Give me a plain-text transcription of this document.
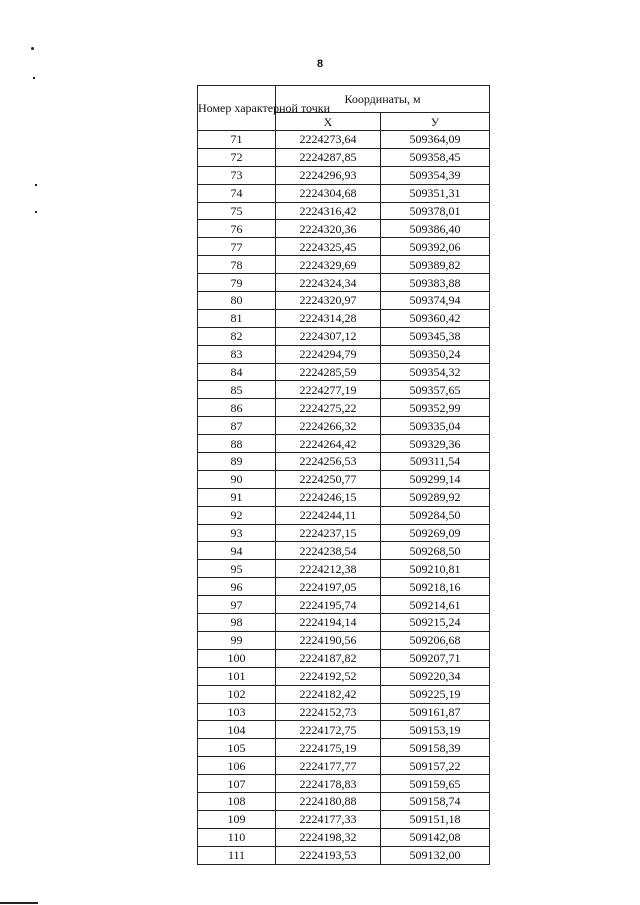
8
Номер характерной точки	Координаты, м	
	X	У
71	2224273,64	509364,09
72	2224287,85	509358,45
73	2224296,93	509354,39
74	2224304,68	509351,31
75	2224316,42	509378,01
76	2224320,36	509386,40
77	2224325,45	509392,06
78	2224329,69	509389,82
79	2224324,34	509383,88
80	2224320,97	509374,94
81	2224314,28	509360,42
82	2224307,12	509345,38
83	2224294,79	509350,24
84	2224285,59	509354,32
85	2224277,19	509357,65
86	2224275,22	509352,99
87	2224266,32	509335,04
88	2224264,42	509329,36
89	2224256,53	509311,54
90	2224250,77	509299,14
91	2224246,15	509289,92
92	2224244,11	509284,50
93	2224237,15	509269,09
94	2224238,54	509268,50
95	2224212,38	509210,81
96	2224197,05	509218,16
97	2224195,74	509214,61
98	2224194,14	509215,24
99	2224190,56	509206,68
100	2224187,82	509207,71
101	2224192,52	509220,34
102	2224182,42	509225,19
103	2224152,73	509161,87
104	2224172,75	509153,19
105	2224175,19	509158,39
106	2224177,77	509157,22
107	2224178,83	509159,65
108	2224180,88	509158,74
109	2224177,33	509151,18
110	2224198,32	509142,08
111	2224193,53	509132,00
